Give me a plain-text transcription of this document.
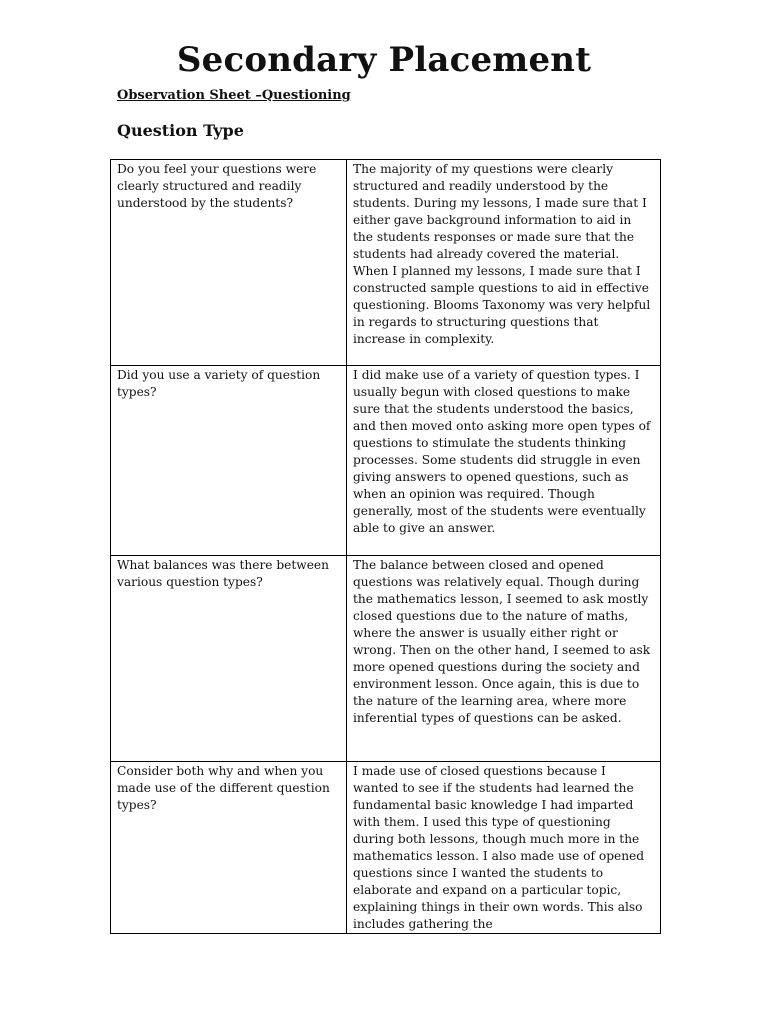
Secondary Placement
Observation Sheet –Questioning
Question Type
Do you feel your questions were clearly structured and readily understood by the students?	The majority of my questions were clearly structured and readily understood by the students. During my lessons, I made sure that I either gave background information to aid in the students responses or made sure that the students had already covered the material. When I planned my lessons, I made sure that I constructed sample questions to aid in effective questioning. Blooms Taxonomy was very helpful in regards to structuring questions that increase in complexity.
Did you use a variety of question types?	I did make use of a variety of question types. I usually begun with closed questions to make sure that the students understood the basics, and then moved onto asking more open types of questions to stimulate the students thinking processes. Some students did struggle in even giving answers to opened questions, such as when an opinion was required. Though generally, most of the students were eventually able to give an answer.
What balances was there between various question types?	The balance between closed and opened questions was relatively equal. Though during the mathematics lesson, I seemed to ask mostly closed questions due to the nature of maths, where the answer is usually either right or wrong. Then on the other hand, I seemed to ask more opened questions during the society and environment lesson. Once again, this is due to the nature of the learning area, where more inferential types of questions can be asked.
Consider both why and when you made use of the different question types?	I made use of closed questions because I wanted to see if the students had learned the fundamental basic knowledge I had imparted with them. I used this type of questioning during both lessons, though much more in the mathematics lesson. I also made use of opened questions since I wanted the students to elaborate and expand on a particular topic, explaining things in their own words. This also includes gathering the
